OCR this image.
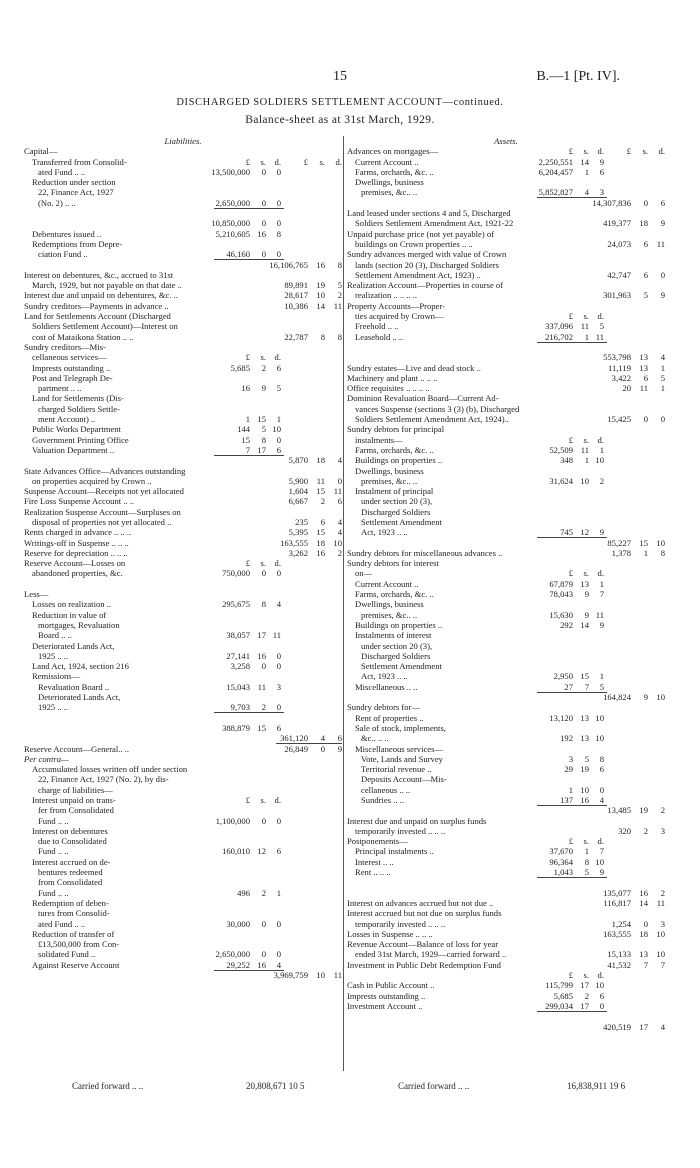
15	B.—1 [Pt. IV].
DISCHARGED SOLDIERS SETTLEMENT ACCOUNT—continued.
Balance-sheet as at 31st March, 1929.
Liabilities.
Capital—
Transferred from Consolid-	£ s. d.	£ s. d.
ated Fund .. ..	13,500,000 0 0
Reduction under section
22, Finance Act, 1927
(No. 2) .. ..	2,650,000 0 0
10,850,000 0 0
Debentures issued ..	5,210,605 16 8
Redemptions from Depre-
ciation Fund ..	46,160 0 0
16,106,765 16 8
Interest on debentures, &c., accrued to 31st
March, 1929, but not payable on that date ..	89,891 19 5
Interest due and unpaid on debentures, &c. ..	28,617 10 2
Sundry creditors—Payments in advance ..	10,386 14 11
Land for Settlements Account (Discharged
Soldiers Settlement Account)—Interest on
cost of Mataikona Station .. ..	22,787 8 8
Sundry creditors—Mis-
cellaneous services—	£ s. d.
Imprests outstanding ..	5,685 2 6
Post and Telegraph De-
partment .. ..	16 9 5
Land for Settlements (Dis-
charged Soldiers Settle-
ment Account) ..	1 15 1
Public Works Department	144 5 10
Government Printing Office	15 8 0
Valuation Department ..	7 17 6
5,870 18 4
State Advances Office—Advances outstanding
on properties acquired by Crown ..	5,900 11 0
Suspense Account—Receipts not yet allocated	1,604 15 11
Fire Loss Suspense Account .. ..	6,667 2 6
Realization Suspense Account—Surpluses on
disposal of properties not yet allocated ..	235 6 4
Rents charged in advance .. .. ..	5,395 15 4
Writings-off in Suspense .. .. ..	163,555 18 10
Reserve for depreciation .. .. ..	3,262 16 2
Reserve Account—Losses on	£ s. d.
abandoned properties, &c.	750,000 0 0
Less—
Losses on realization ..	295,675 8 4
Reduction in value of
mortgages, Revaluation
Board .. ..	38,057 17 11
Deteriorated Lands Act,
1925 .. ..	27,141 16 0
Land Act, 1924, section 216	3,258 0 0
Remissions—
Revaluation Board ..	15,043 11 3
Deteriorated Lands Act,
1925 .. ..	9,703 2 0
388,879 15 6
361,120 4 6
Reserve Account—General.. ..	26,849 0 9
Per contra—
Accumulated losses written off under section
22, Finance Act, 1927 (No. 2), by dis-
charge of liabilities—
Interest unpaid on trans-	£ s. d.
fer from Consolidated
Fund .. ..	1,100,000 0 0
Interest on debentures
due to Consolidated
Fund .. ..	160,010 12 6
Interest accrued on de-
bentures redeemed
from Consolidated
Fund .. ..	496 2 1
Redemption of deben-
tures from Consolid-
ated Fund .. ..	30,000 0 0
Reduction of transfer of
£13,500,000 from Con-
solidated Fund ..	2,650,000 0 0
Against Reserve Account	29,252 16 4
3,969,759 10 11
Assets.
Advances on mortgages—	£ s. d.	£ s. d.
Current Account ..	2,250,551 14 9
Farms, orchards, &c. ..	6,204,457 1 6
Dwellings, business
premises, &c.. ..	5,852,827 4 3
14,307,836 0 6
Land leased under sections 4 and 5, Discharged
Soldiers Settlement Amendment Act, 1921-22	419,377 18 9
Unpaid purchase price (not yet payable) of
buildings on Crown properties .. ..	24,073 6 11
Sundry advances merged with value of Crown
lands (section 20 (3), Discharged Soldiers
Settlement Amendment Act, 1923) ..	42,747 6 0
Realization Account—Properties in course of
realization .. .. .. ..	301,963 5 9
Property Accounts—Proper-
ties acquired by Crown—	£ s. d.
Freehold .. ..	337,096 11 5
Leasehold .. ..	216,702 1 11
553,798 13 4
Sundry estates—Live and dead stock ..	11,119 13 1
Machinery and plant .. .. ..	3,422 6 5
Office requisites .. .. .. ..	20 11 1
Dominion Revaluation Board—Current Ad-
vances Suspense (sections 3 (3) (b), Discharged
Soldiers Settlement Amendment Act, 1924)..	15,425 0 0
Sundry debtors for principal
instalments—	£ s. d.
Farms, orchards, &c. ..	52,509 11 1
Buildings on properties ..	348 1 10
Dwellings, business
premises, &c.. ..	31,624 10 2
Instalment of principal
under section 20 (3),
Discharged Soldiers
Settlement Amendment
Act, 1923 .. ..	745 12 9
85,227 15 10
Sundry debtors for miscellaneous advances ..	1,378 1 8
Sundry debtors for interest
on—	£ s. d.
Current Account ..	67,879 13 1
Farms, orchards, &c. ..	78,043 9 7
Dwellings, business
premises, &c.. ..	15,630 9 11
Buildings on properties ..	292 14 9
Instalments of interest
under section 20 (3),
Discharged Soldiers
Settlement Amendment
Act, 1923 .. ..	2,950 15 1
Miscellaneous .. ..	27 7 5
164,824 9 10
Sundry debtors for—
Rent of properties ..	13,120 13 10
Sale of stock, implements,
&c.. .. ..	192 13 10
Miscellaneous services—
Vote, Lands and Survey	3 5 8
Territorial revenue ..	29 19 6
Deposits Account—Mis-
cellaneous .. ..	1 10 0
Sundries .. ..	137 16 4
13,485 19 2
Interest due and unpaid on surplus funds
temporarily invested .. .. ..	320 2 3
Postponements—	£ s. d.
Principal instalments ..	37,670 1 7
Interest .. ..	96,364 8 10
Rent .. .. ..	1,043 5 9
135,077 16 2
Interest on advances accrued but not due ..	116,817 14 11
Interest accrued but not due on surplus funds
temporarily invested .. .. ..	1,254 0 3
Losses in Suspense .. .. ..	163,555 18 10
Revenue Account—Balance of loss for year
ended 31st March, 1929—carried forward ..	15,133 13 10
Investment in Public Debt Redemption Fund	41,532 7 7
£ s. d.
Cash in Public Account ..	115,799 17 10
Imprests outstanding ..	5,685 2 6
Investment Account ..	299,034 17 0
420,519 17 4
Carried forward .. ..	20,808,671 10 5	Carried forward .. ..	16,838,911 19 6
